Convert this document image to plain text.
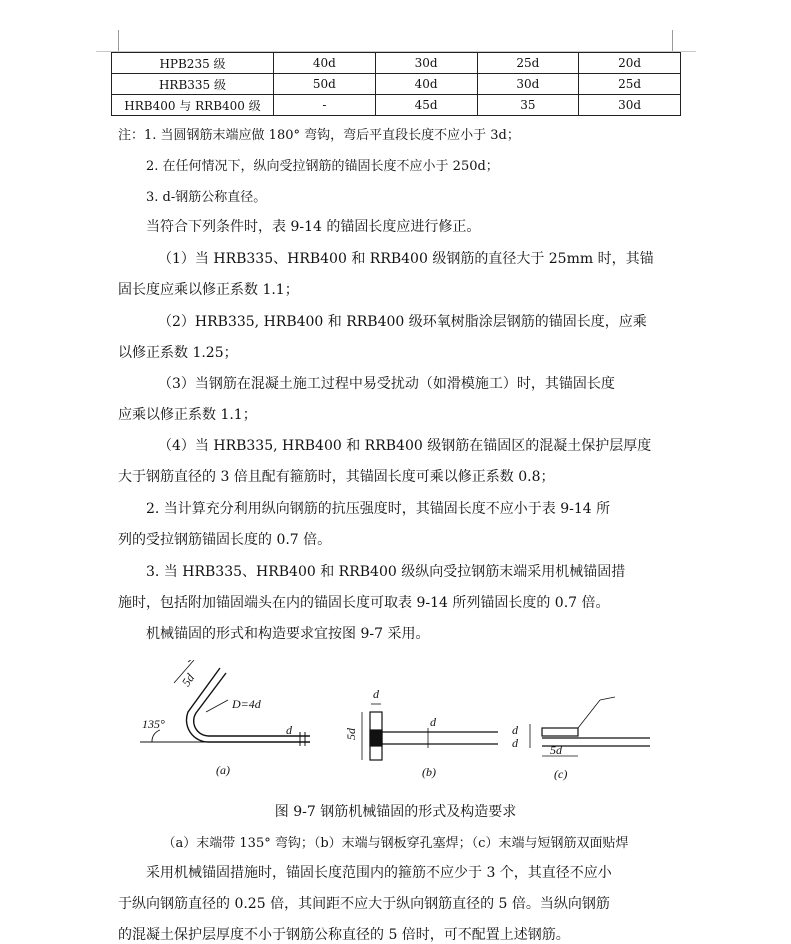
HPB235 级	40d	30d	25d	20d
HRB335 级	50d	40d	30d	25d
HRB400 与 RRB400 级	-	45d	35	30d
注：1. 当圆钢筋末端应做 180° 弯钩，弯后平直段长度不应小于 3d；
2. 在任何情况下，纵向受拉钢筋的锚固长度不应小于 250d；
3. d-钢筋公称直径。
当符合下列条件时，表 9-14 的锚固长度应进行修正。
（1）当 HRB335、HRB400 和 RRB400 级钢筋的直径大于 25mm 时，其锚
固长度应乘以修正系数 1.1；
（2）HRB335, HRB400 和 RRB400 级环氧树脂涂层钢筋的锚固长度，应乘
以修正系数 1.25；
（3）当钢筋在混凝土施工过程中易受扰动（如滑模施工）时，其锚固长度
应乘以修正系数 1.1；
（4）当 HRB335, HRB400 和 RRB400 级钢筋在锚固区的混凝土保护层厚度
大于钢筋直径的 3 倍且配有箍筋时，其锚固长度可乘以修正系数 0.8；
2. 当计算充分利用纵向钢筋的抗压强度时，其锚固长度不应小于表 9-14 所
列的受拉钢筋锚固长度的 0.7 倍。
3. 当 HRB335、HRB400 和 RRB400 级纵向受拉钢筋末端采用机械锚固措
施时，包括附加锚固端头在内的锚固长度可取表 9-14 所列锚固长度的 0.7 倍。
机械锚固的形式和构造要求宜按图 9-7 采用。
5d
D=4d
135°	d
(a)
d
5d
d
(b)
d
d	5d
(c)
图 9-7 钢筋机械锚固的形式及构造要求
（a）末端带 135° 弯钩；（b）末端与钢板穿孔塞焊；（c）末端与短钢筋双面贴焊
采用机械锚固措施时，锚固长度范围内的箍筋不应少于 3 个，其直径不应小
于纵向钢筋直径的 0.25 倍，其间距不应大于纵向钢筋直径的 5 倍。当纵向钢筋
的混凝土保护层厚度不小于钢筋公称直径的 5 倍时，可不配置上述钢筋。
